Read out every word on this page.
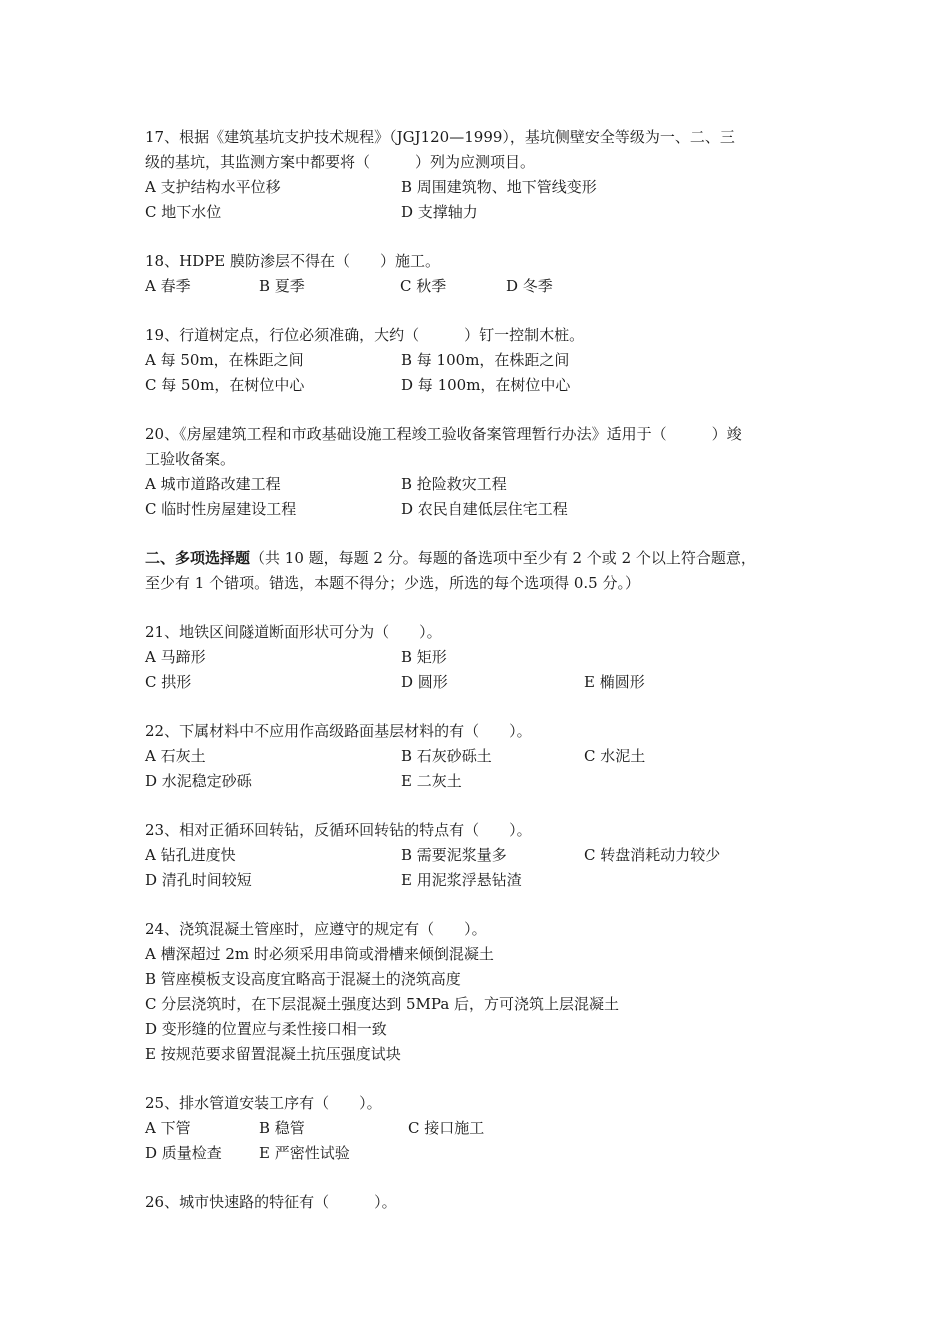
17、根据《建筑基坑支护技术规程》（JGJ120—1999），基坑侧壁安全等级为一、二、三
级的基坑，其监测方案中都要将（　　　）列为应测项目。
A 支护结构水平位移	B 周围建筑物、地下管线变形
C 地下水位	D 支撑轴力
18、HDPE 膜防渗层不得在（　　）施工。
A 春季	B 夏季	C 秋季	D 冬季
19、行道树定点，行位必须准确，大约（　　　）钉一控制木桩。
A 每 50m，在株距之间	B 每 100m，在株距之间
C 每 50m，在树位中心	D 每 100m，在树位中心
20、《房屋建筑工程和市政基础设施工程竣工验收备案管理暂行办法》适用于（　　　）竣
工验收备案。
A 城市道路改建工程	B 抢险救灾工程
C 临时性房屋建设工程	D 农民自建低层住宅工程
二、多项选择题（共 10 题，每题 2 分。每题的备选项中至少有 2 个或 2 个以上符合题意，
至少有 1 个错项。错选，本题不得分；少选，所选的每个选项得 0.5 分。）
21、地铁区间隧道断面形状可分为（　　）。
A 马蹄形	B 矩形
C 拱形	D 圆形	E 椭圆形
22、下属材料中不应用作高级路面基层材料的有（　　）。
A 石灰土	B 石灰砂砾土	C 水泥土
D 水泥稳定砂砾	E 二灰土
23、相对正循环回转钻，反循环回转钻的特点有（　　）。
A 钻孔进度快	B 需要泥浆量多	C 转盘消耗动力较少
D 清孔时间较短	E 用泥浆浮悬钻渣
24、浇筑混凝土管座时，应遵守的规定有（　　）。
A 槽深超过 2m 时必须采用串筒或滑槽来倾倒混凝土
B 管座模板支设高度宜略高于混凝土的浇筑高度
C 分层浇筑时，在下层混凝土强度达到 5MPa 后，方可浇筑上层混凝土
D 变形缝的位置应与柔性接口相一致
E 按规范要求留置混凝土抗压强度试块
25、排水管道安装工序有（　　）。
A 下管	B 稳管	C 接口施工
D 质量检查 E 严密性试验
26、城市快速路的特征有（　　　）。
